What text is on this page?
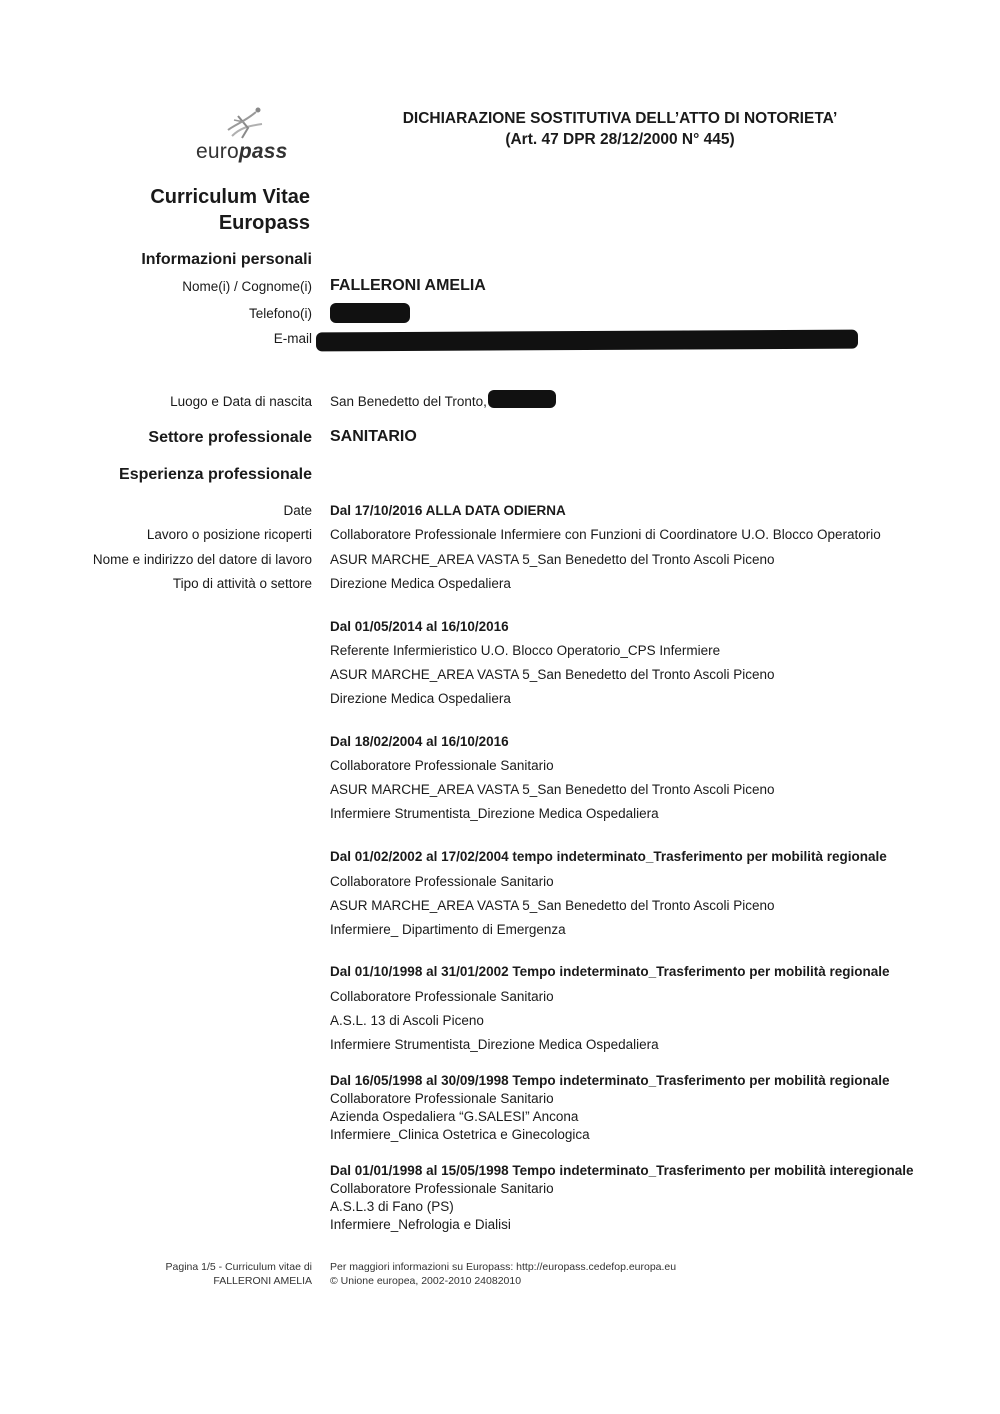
europass
DICHIARAZIONE SOSTITUTIVA DELL’ATTO DI NOTORIETA’
(Art. 47 DPR 28/12/2000 N° 445)
Curriculum Vitae
Europass
Informazioni personali
Nome(i) / Cognome(i) FALLERONI AMELIA
Telefono(i)
E-mail
Luogo e Data di nascita San Benedetto del Tronto,
Settore professionale SANITARIO
Esperienza professionale
Date
Lavoro o posizione ricoperti
Nome e indirizzo del datore di lavoro
Tipo di attività o settore
Dal 17/10/2016 ALLA DATA ODIERNA
Collaboratore Professionale Infermiere con Funzioni di Coordinatore U.O. Blocco Operatorio
ASUR MARCHE_AREA VASTA 5_San Benedetto del Tronto Ascoli Piceno
Direzione Medica Ospedaliera
Dal 01/05/2014 al 16/10/2016
Referente Infermieristico U.O. Blocco Operatorio_CPS Infermiere
ASUR MARCHE_AREA VASTA 5_San Benedetto del Tronto Ascoli Piceno
Direzione Medica Ospedaliera
Dal 18/02/2004 al 16/10/2016
Collaboratore Professionale Sanitario
ASUR MARCHE_AREA VASTA 5_San Benedetto del Tronto Ascoli Piceno
Infermiere Strumentista_Direzione Medica Ospedaliera
Dal 01/02/2002 al 17/02/2004 tempo indeterminato_Trasferimento per mobilità regionale
Collaboratore Professionale Sanitario
ASUR MARCHE_AREA VASTA 5_San Benedetto del Tronto Ascoli Piceno
Infermiere_ Dipartimento di Emergenza
Dal 01/10/1998 al 31/01/2002 Tempo indeterminato_Trasferimento per mobilità regionale
Collaboratore Professionale Sanitario
A.S.L. 13 di Ascoli Piceno
Infermiere Strumentista_Direzione Medica Ospedaliera
Dal 16/05/1998 al 30/09/1998 Tempo indeterminato_Trasferimento per mobilità regionale
Collaboratore Professionale Sanitario
Azienda Ospedaliera “G.SALESI” Ancona
Infermiere_Clinica Ostetrica e Ginecologica
Dal 01/01/1998 al 15/05/1998 Tempo indeterminato_Trasferimento per mobilità interegionale
Collaboratore Professionale Sanitario
A.S.L.3 di Fano (PS)
Infermiere_Nefrologia e Dialisi
Pagina 1/5 - Curriculum vitae di
FALLERONI AMELIA
Per maggiori informazioni su Europass: http://europass.cedefop.europa.eu
© Unione europea, 2002-2010 24082010
